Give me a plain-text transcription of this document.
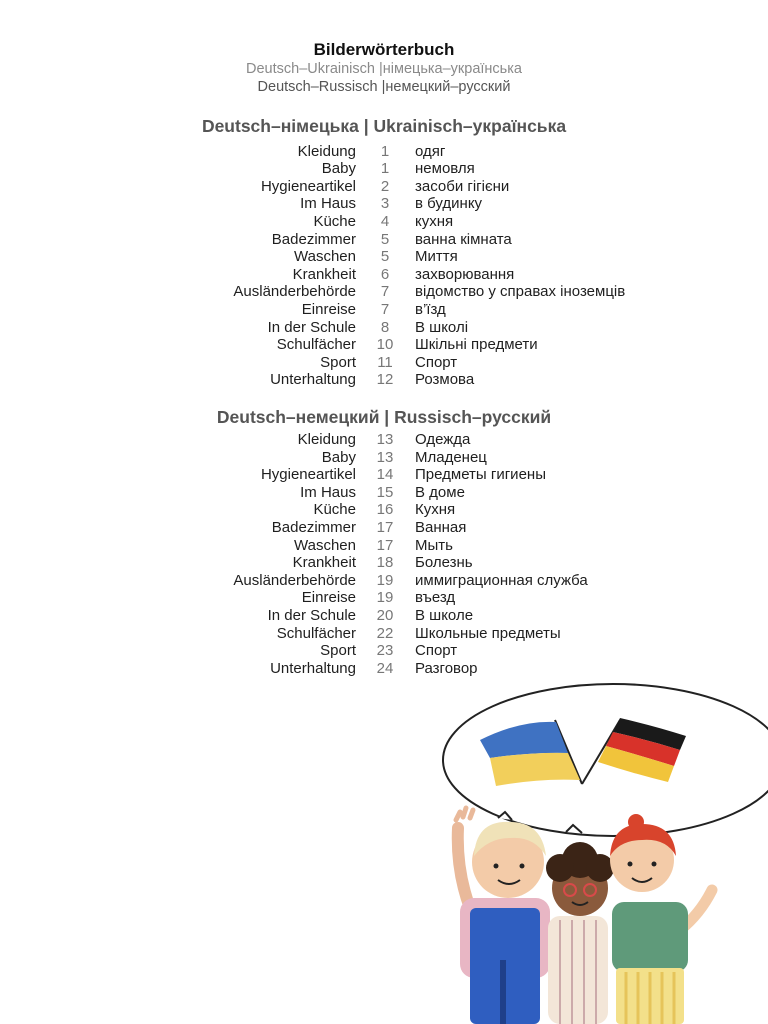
Bilderwörterbuch
Deutsch–Ukrainisch |німецька–українська
Deutsch–Russisch |немецкий–русский
Deutsch–німецька | Ukrainisch–українська
Kleidung	1	одяг
Baby	1	немовля
Hygieneartikel	2	засоби гігієни
Im Haus	3	в будинку
Küche	4	кухня
Badezimmer	5	ванна кімната
Waschen	5	Миття
Krankheit	6	захворювання
Ausländerbehörde	7	відомство у справах іноземців
Einreise	7	в’їзд
In der Schule	8	В школі
Schulfächer	10	Шкільні предмети
Sport	11	Спорт
Unterhaltung	12	Розмова
Deutsch–немецкий | Russisch–русский
Kleidung	13	Одежда
Baby	13	Младенец
Hygieneartikel	14	Предметы гигиены
Im Haus	15	В доме
Küche	16	Кухня
Badezimmer	17	Ванная
Waschen	17	Мыть
Krankheit	18	Болезнь
Ausländerbehörde	19	иммиграционная служба
Einreise	19	въезд
In der Schule	20	В школе
Schulfächer	22	Школьные предметы
Sport	23	Спорт
Unterhaltung	24	Разговор
